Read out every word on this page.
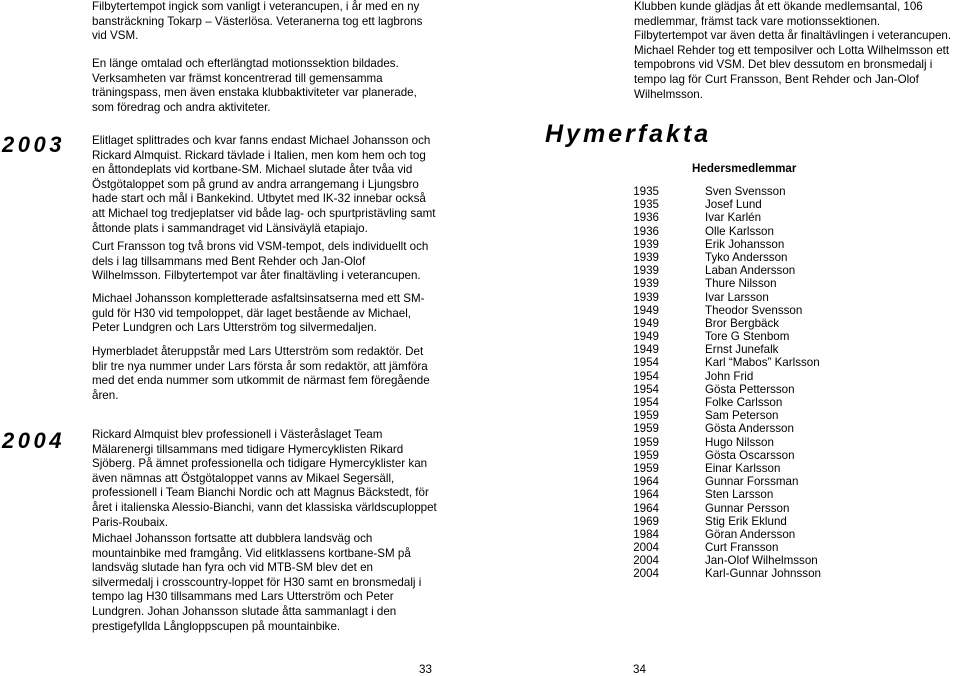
Filbytertempot ingick som vanligt i veterancupen, i år med en ny bansträckning Tokarp – Västerlösa. Veteranerna tog ett lagbrons vid VSM.

En länge omtalad och efterlängtad motionssektion bildades. Verksamheten var främst koncentrerad till gemensamma träningspass, men även enstaka klubbaktiviteter var planerade, som föredrag och andra aktiviteter.

Elitlaget splittrades och kvar fanns endast Michael Johansson och Rickard Almquist. Rickard tävlade i Italien, men kom hem och tog en åttondeplats vid kortbane-SM. Michael slutade åter tvåa vid Östgötaloppet som på grund av andra arrangemang i Ljungsbro hade start och mål i Bankekind. Utbytet med IK-32 innebar också att Michael tog tredjeplatser vid både lag- och spurtpristävling samt åttonde plats i sammandraget vid Länsiväylä etapiajo.

Curt Fransson tog två brons vid VSM-tempot, dels individuellt och dels i lag tillsammans med Bent Rehder och Jan-Olof Wilhelmsson. Filbytertempot var åter finaltävling i veterancupen.

Michael Johansson kompletterade asfaltsinsatserna med ett SM-guld för H30 vid tempoloppet, där laget bestående av Michael, Peter Lundgren och Lars Utterström tog silvermedaljen.

Hymerbladet återuppstår med Lars Utterström som redaktör. Det blir tre nya nummer under Lars första år som redaktör, att jämföra med det enda nummer som utkommit de närmast fem föregående åren.

Rickard Almquist blev professionell i Västeråslaget Team Mälarenergi tillsammans med tidigare Hymercyklisten Rikard Sjöberg. På ämnet professionella och tidigare Hymercyklister kan även nämnas att Östgötaloppet vanns av Mikael Segersäll, professionell i Team Bianchi Nordic och att Magnus Bäckstedt, för året i italienska Alessio-Bianchi, vann det klassiska världscuploppet Paris-Roubaix.

Michael Johansson fortsatte att dubblera landsväg och mountainbike med framgång. Vid elitklassens kortbane-SM på landsväg slutade han fyra och vid MTB-SM blev det en silvermedalj i crosscountry-loppet för H30 samt en bronsmedalj i tempo lag H30 tillsammans med Lars Utterström och Peter Lundgren. Johan Johansson slutade åtta sammanlagt i den prestigefyllda Långloppscupen på mountainbike.

2003
2004

Klubben kunde glädjas åt ett ökande medlemsantal, 106 medlemmar, främst tack vare motionssektionen. Filbytertempot var även detta år finaltävlingen i veterancupen. Michael Rehder tog ett temposilver och Lotta Wilhelmsson ett tempobrons vid VSM. Det blev dessutom en bronsmedalj i tempo lag för Curt Fransson, Bent Rehder och Jan-Olof Wilhelmsson.

Hymerfakta
Hedersmedlemmar
1935	Sven Svensson
1935	Josef Lund
1936	Ivar Karlén
1936	Olle Karlsson
1939	Erik Johansson
1939	Tyko Andersson
1939	Laban Andersson
1939	Thure Nilsson
1939	Ivar Larsson
1949	Theodor Svensson
1949	Bror Bergbäck
1949	Tore G Stenbom
1949	Ernst Junefalk
1954	Karl “Mabos” Karlsson
1954	John Frid
1954	Gösta Pettersson
1954	Folke Carlsson
1959	Sam Peterson
1959	Gösta Andersson
1959	Hugo Nilsson
1959	Gösta Oscarsson
1959	Einar Karlsson
1964	Gunnar Forssman
1964	Sten Larsson
1964	Gunnar Persson
1969	Stig Erik Eklund
1984	Göran Andersson
2004	Curt Fransson
2004	Jan-Olof Wilhelmsson
2004	Karl-Gunnar Johnsson
33	34
